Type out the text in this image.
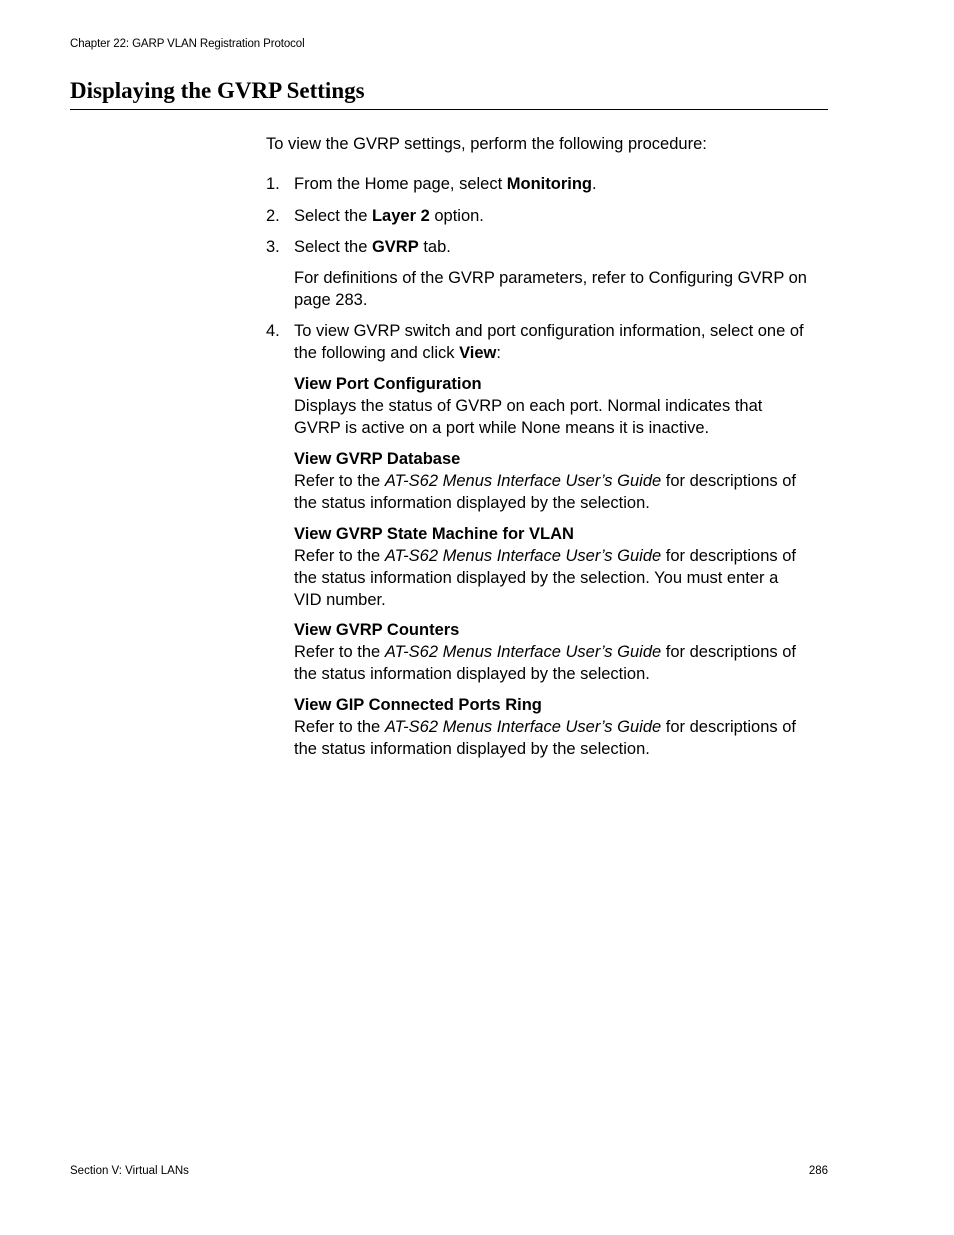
Chapter 22: GARP VLAN Registration Protocol
Displaying the GVRP Settings
To view the GVRP settings, perform the following procedure:
1. From the Home page, select Monitoring.
2. Select the Layer 2 option.
3. Select the GVRP tab.
For definitions of the GVRP parameters, refer to Configuring GVRP on page 283.
4. To view GVRP switch and port configuration information, select one of the following and click View:
View Port Configuration
Displays the status of GVRP on each port. Normal indicates that GVRP is active on a port while None means it is inactive.
View GVRP Database
Refer to the AT-S62 Menus Interface User’s Guide for descriptions of the status information displayed by the selection.
View GVRP State Machine for VLAN
Refer to the AT-S62 Menus Interface User’s Guide for descriptions of the status information displayed by the selection. You must enter a VID number.
View GVRP Counters
Refer to the AT-S62 Menus Interface User’s Guide for descriptions of the status information displayed by the selection.
View GIP Connected Ports Ring
Refer to the AT-S62 Menus Interface User’s Guide for descriptions of the status information displayed by the selection.
Section V: Virtual LANs	286
